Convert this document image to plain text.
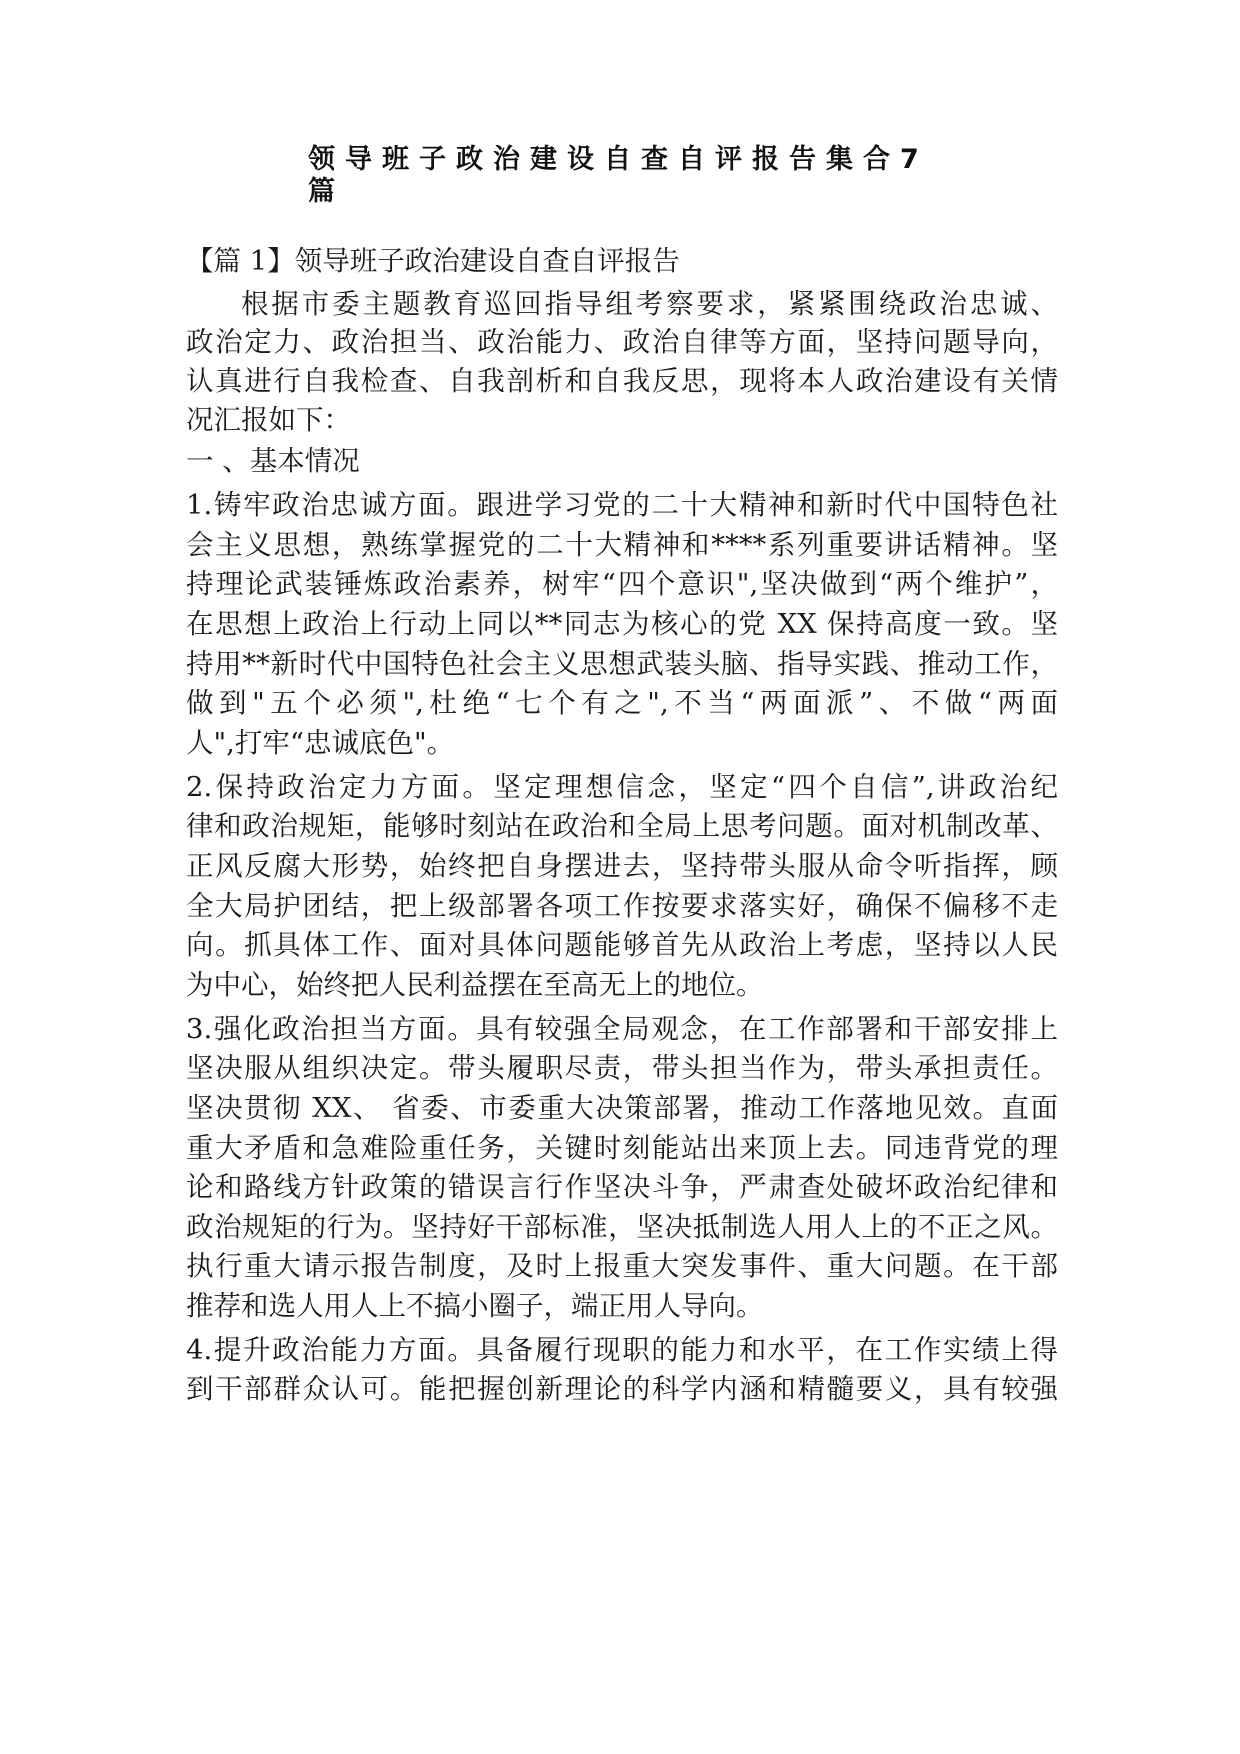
领导班子政治建设自查自评报告集合7篇
【篇 1】领导班子政治建设自查自评报告
根据市委主题教育巡回指导组考察要求，紧紧围绕政治忠诚、
政治定力、政治担当、政治能力、政治自律等方面，坚持问题导向，
认真进行自我检查、自我剖析和自我反思，现将本人政治建设有关情
况汇报如下：
一 、基本情况
1.铸牢政治忠诚方面。跟进学习党的二十大精神和新时代中国特色社
会主义思想，熟练掌握党的二十大精神和****系列重要讲话精神。坚
持理论武装锤炼政治素养，树牢“四个意识",坚决做到“两个维护”，
在思想上政治上行动上同以**同志为核心的党 XX 保持高度一致。坚
持用**新时代中国特色社会主义思想武装头脑、指导实践、推动工作，
做到"五个必须",杜绝“七个有之",不当“两面派”、不做“两面
人",打牢“忠诚底色"。
2.保持政治定力方面。坚定理想信念，坚定“四个自信”,讲政治纪
律和政治规矩，能够时刻站在政治和全局上思考问题。面对机制改革、
正风反腐大形势，始终把自身摆进去，坚持带头服从命令听指挥，顾
全大局护团结，把上级部署各项工作按要求落实好，确保不偏移不走
向。抓具体工作、面对具体问题能够首先从政治上考虑，坚持以人民
为中心，始终把人民利益摆在至高无上的地位。
3.强化政治担当方面。具有较强全局观念，在工作部署和干部安排上
坚决服从组织决定。带头履职尽责，带头担当作为，带头承担责任。
坚决贯彻 XX、 省委、市委重大决策部署，推动工作落地见效。直面
重大矛盾和急难险重任务，关键时刻能站出来顶上去。同违背党的理
论和路线方针政策的错误言行作坚决斗争，严肃查处破坏政治纪律和
政治规矩的行为。坚持好干部标准，坚决抵制选人用人上的不正之风。
执行重大请示报告制度，及时上报重大突发事件、重大问题。在干部
推荐和选人用人上不搞小圈子，端正用人导向。
4.提升政治能力方面。具备履行现职的能力和水平，在工作实绩上得
到干部群众认可。能把握创新理论的科学内涵和精髓要义，具有较强
